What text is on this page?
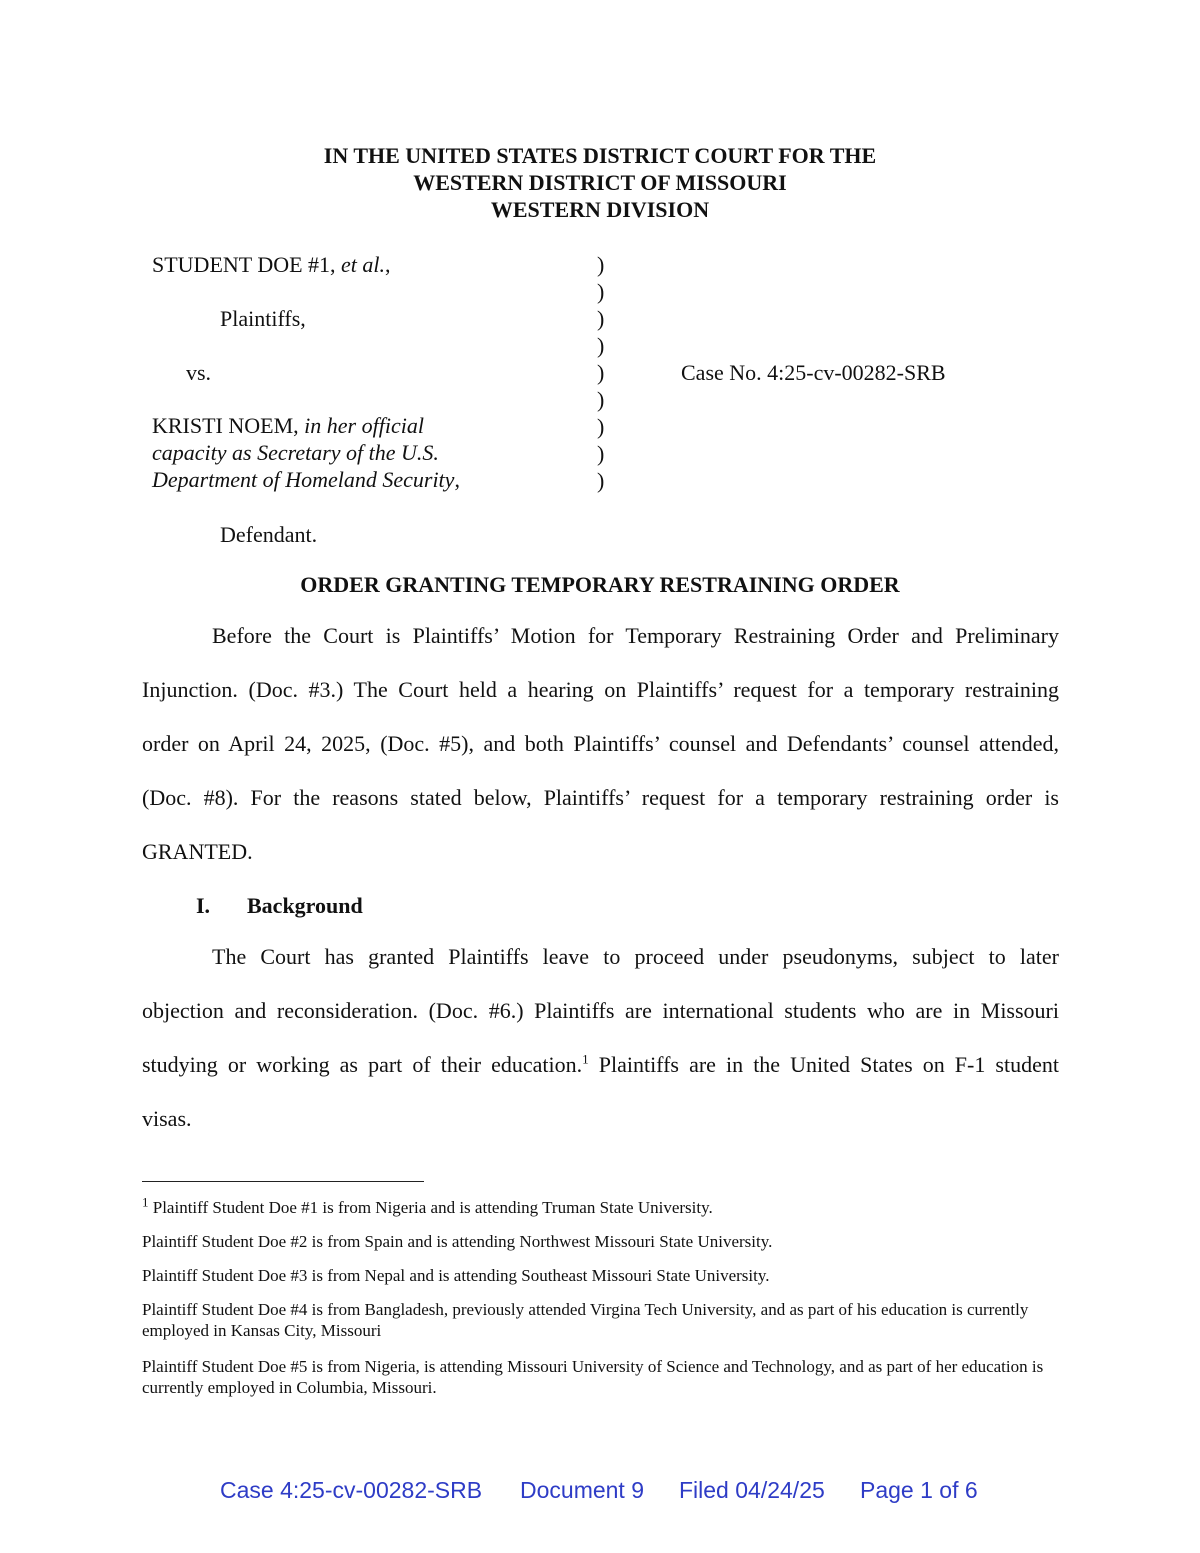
IN THE UNITED STATES DISTRICT COURT FOR THE
WESTERN DISTRICT OF MISSOURI
WESTERN DIVISION
STUDENT DOE #1, et al.,
Plaintiffs,
vs.
KRISTI NOEM, in her official
capacity as Secretary of the U.S.
Department of Homeland Security,
Defendant.
)
)
)
)
)
)
)
)
)
Case No. 4:25-cv-00282-SRB
ORDER GRANTING TEMPORARY RESTRAINING ORDER
Before the Court is Plaintiffs’ Motion for Temporary Restraining Order and Preliminary
Injunction. (Doc. #3.) The Court held a hearing on Plaintiffs’ request for a temporary restraining
order on April 24, 2025, (Doc. #5), and both Plaintiffs’ counsel and Defendants’ counsel attended,
(Doc. #8). For the reasons stated below, Plaintiffs’ request for a temporary restraining order is
GRANTED.
I. Background
The Court has granted Plaintiffs leave to proceed under pseudonyms, subject to later
objection and reconsideration. (Doc. #6.) Plaintiffs are international students who are in Missouri
studying or working as part of their education.$^1$ Plaintiffs are in the United States on F-1 student
visas.
$^1$ Plaintiff Student Doe #1 is from Nigeria and is attending Truman State University.
Plaintiff Student Doe #2 is from Spain and is attending Northwest Missouri State University.
Plaintiff Student Doe #3 is from Nepal and is attending Southeast Missouri State University.
Plaintiff Student Doe #4 is from Bangladesh, previously attended Virgina Tech University, and as part of his education is currently employed in Kansas City, Missouri
Plaintiff Student Doe #5 is from Nigeria, is attending Missouri University of Science and Technology, and as part of her education is currently employed in Columbia, Missouri.
Case 4:25-cv-00282-SRB Document 9 Filed 04/24/25 Page 1 of 6
